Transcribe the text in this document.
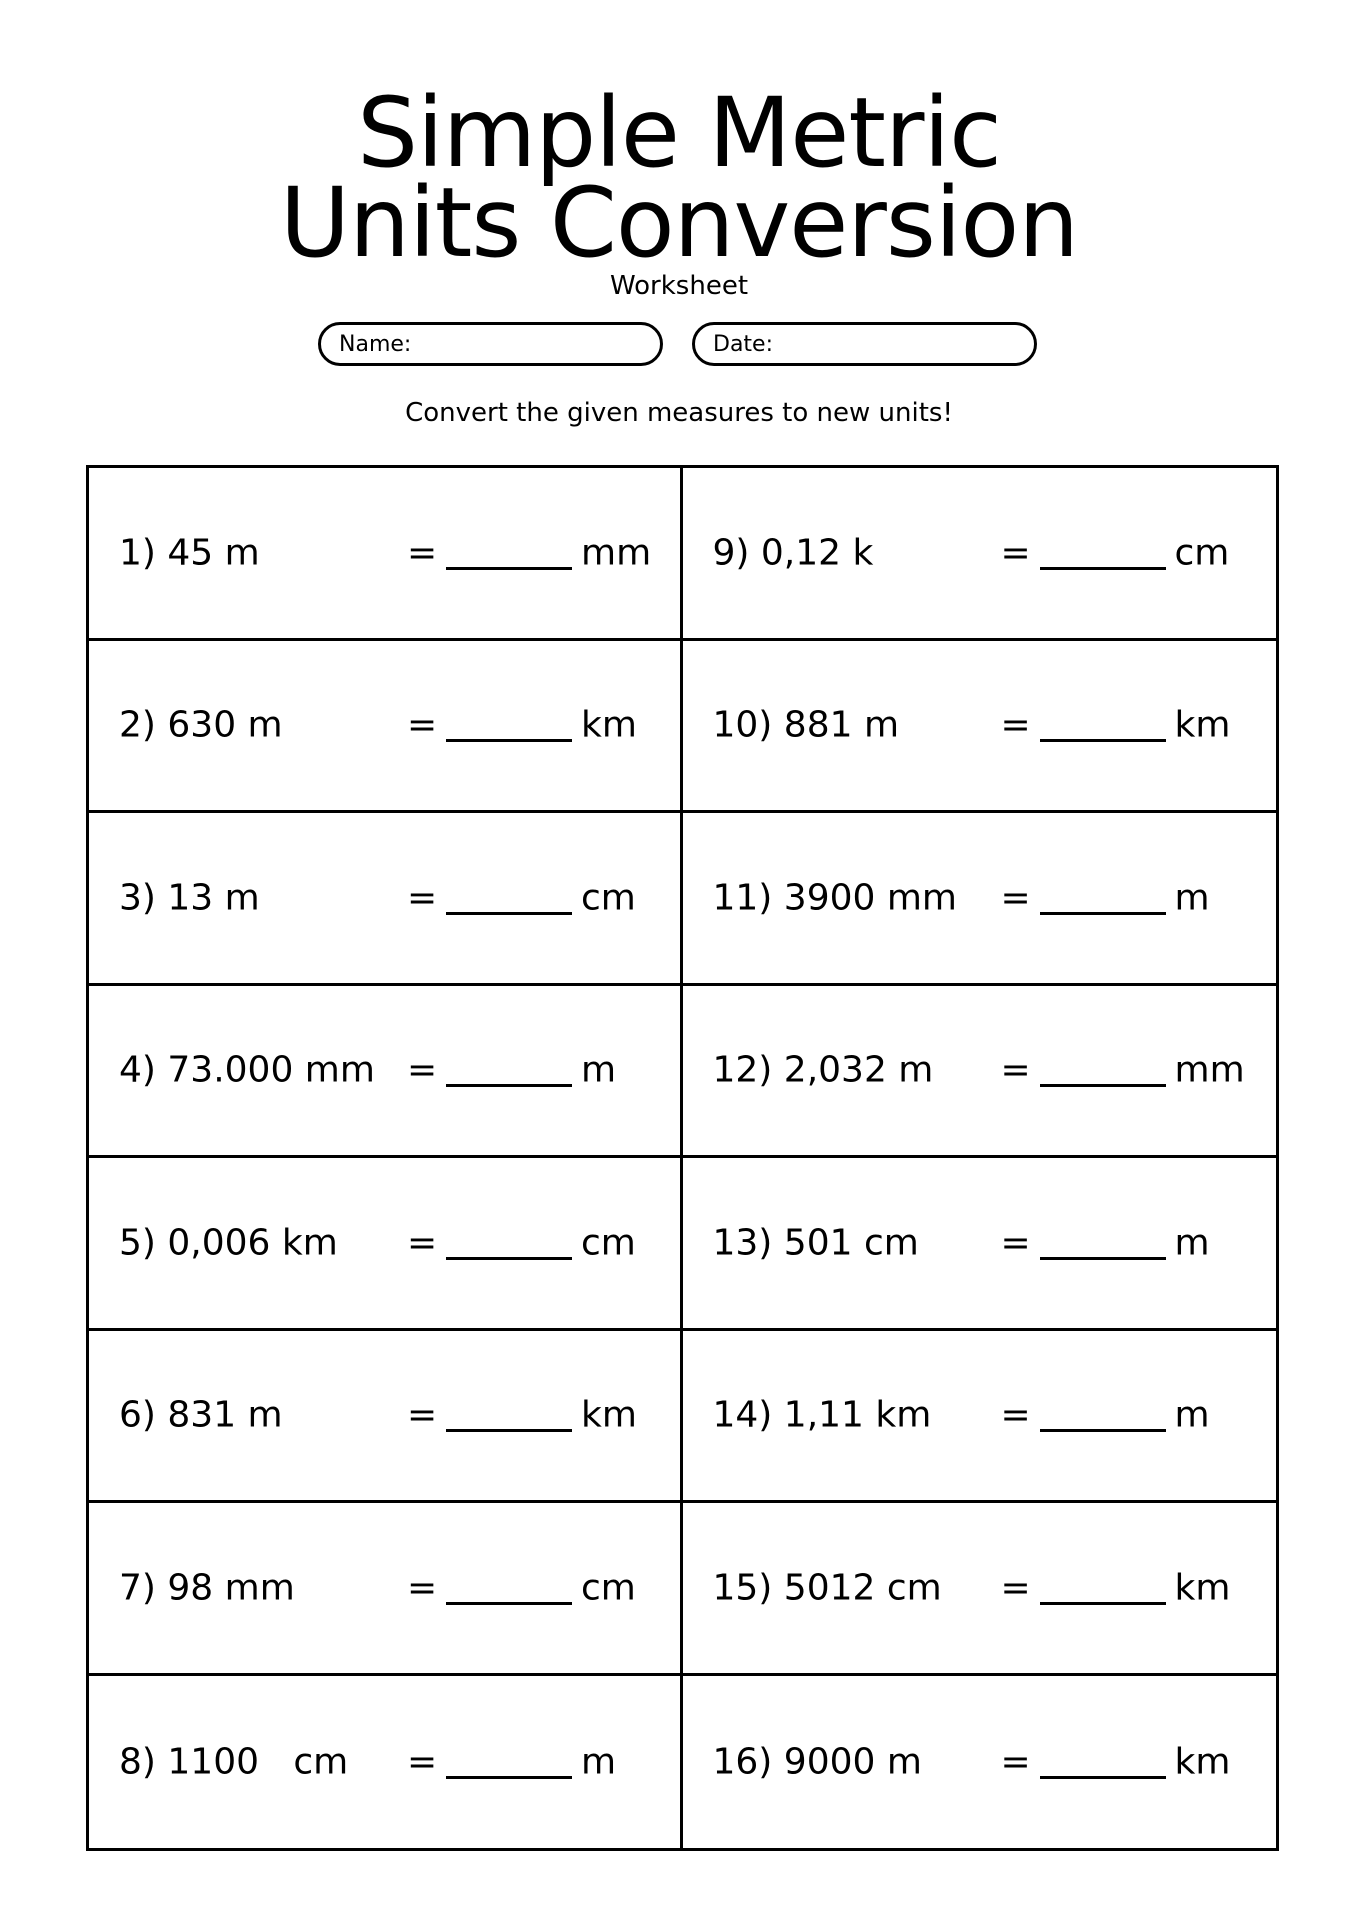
Simple Metric
Units Conversion
Worksheet
Name:	Date:
Convert the given measures to new units!
1) 45 m	=	mm 9) 0,12 k	=	cm
2) 630 m	=	km 10) 881 m	=	km
3) 13 m	=	cm 11) 3900 mm =	m
4) 73.000 mm =	m	12) 2,032 m =	mm
5) 0,006 km =	cm 13) 501 cm =	m
6) 831 m	=	km 14) 1,11 km =	m
7) 98 mm	=	cm 15) 5012 cm =	km
8) 1100   cm =	m	16) 9000 m =	km
